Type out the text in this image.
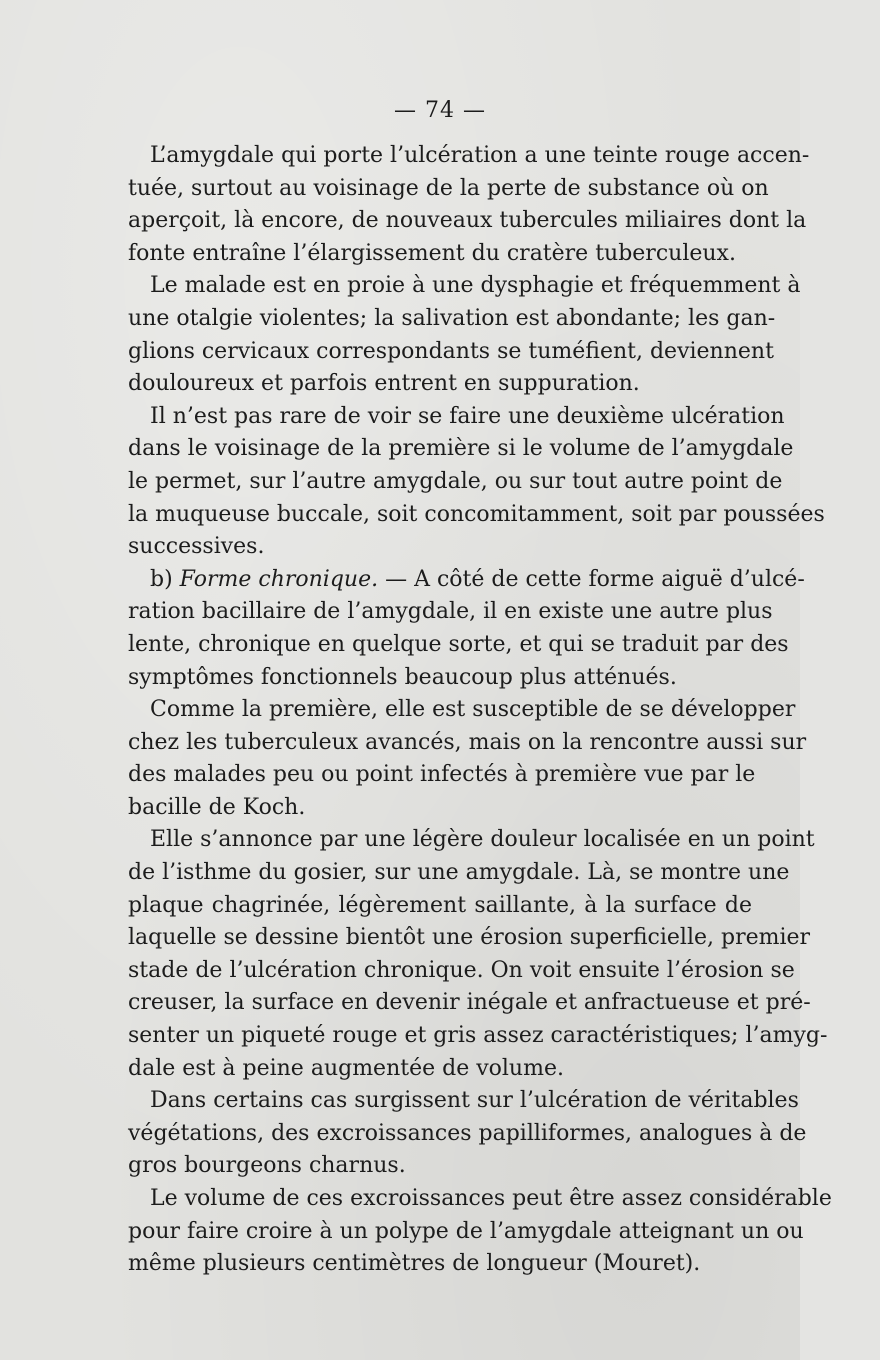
— 74 —
L’amygdale qui porte l’ulcération a une teinte rouge accen-
tuée, surtout au voisinage de la perte de substance où on
aperçoit, là encore, de nouveaux tubercules miliaires dont la
fonte entraîne l’élargissement du cratère tuberculeux.
Le malade est en proie à une dysphagie et fréquemment à
une otalgie violentes; la salivation est abondante; les gan-
glions cervicaux correspondants se tuméfient, deviennent
douloureux et parfois entrent en suppuration.
Il n’est pas rare de voir se faire une deuxième ulcération
dans le voisinage de la première si le volume de l’amygdale
le permet, sur l’autre amygdale, ou sur tout autre point de
la muqueuse buccale, soit concomitamment, soit par poussées
successives.
b) Forme chronique. — A côté de cette forme aiguë d’ulcé-
ration bacillaire de l’amygdale, il en existe une autre plus
lente, chronique en quelque sorte, et qui se traduit par des
symptômes fonctionnels beaucoup plus atténués.
Comme la première, elle est susceptible de se développer
chez les tuberculeux avancés, mais on la rencontre aussi sur
des malades peu ou point infectés à première vue par le
bacille de Koch.
Elle s’annonce par une légère douleur localisée en un point
de l’isthme du gosier, sur une amygdale. Là, se montre une
plaque chagrinée, légèrement saillante, à la surface de
laquelle se dessine bientôt une érosion superficielle, premier
stade de l’ulcération chronique. On voit ensuite l’érosion se
creuser, la surface en devenir inégale et anfractueuse et pré-
senter un piqueté rouge et gris assez caractéristiques; l’amyg-
dale est à peine augmentée de volume.
Dans certains cas surgissent sur l’ulcération de véritables
végétations, des excroissances papilliformes, analogues à de
gros bourgeons charnus.
Le volume de ces excroissances peut être assez considérable
pour faire croire à un polype de l’amygdale atteignant un ou
même plusieurs centimètres de longueur (Mouret).
